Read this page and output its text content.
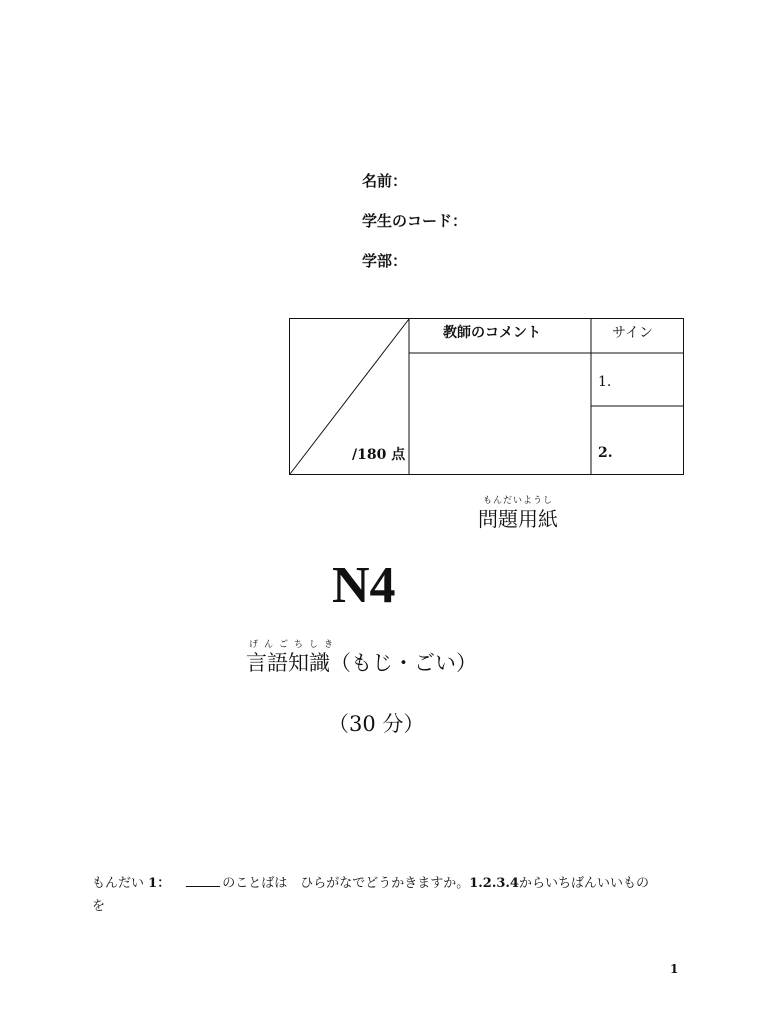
名前：
学生のコード：
学部：
教師のコメント	サイン
/180 点
1.
2.
もんだいようし
問題用紙
N4
げんごちしき
言語知識（もじ・ごい）
（30 分）
もんだい 1：	のことばは　ひらがなでどうかきますか。1.2.3.4からいちばんいいもの
を
1
